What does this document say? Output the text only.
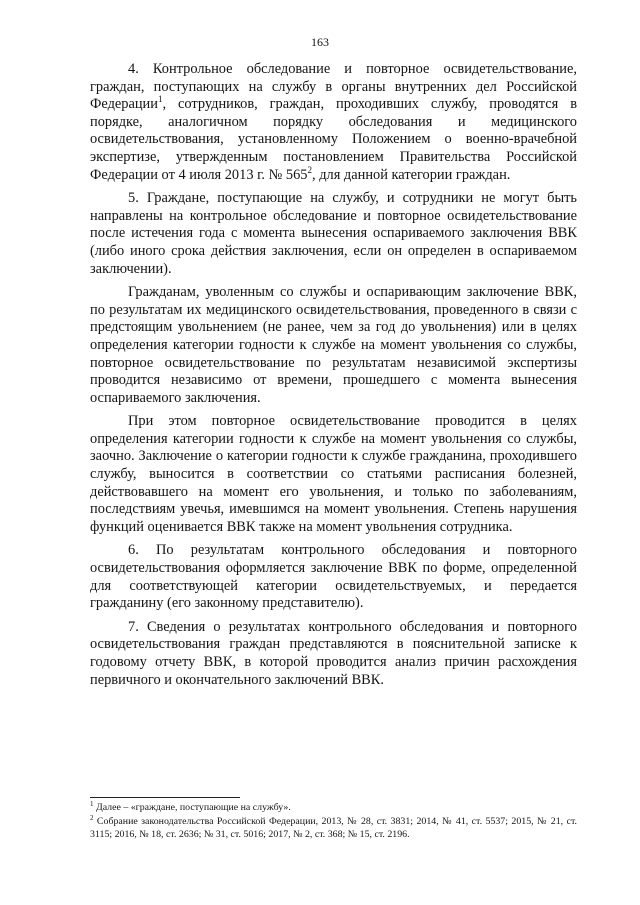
163

4. Контрольное обследование и повторное освидетельствование, граждан, поступающих на службу в органы внутренних дел Российской Федерации$^1$, сотрудников, граждан, проходивших службу, проводятся в порядке, аналогичном порядку обследования и медицинского освидетельствования, установленному Положением о военно-врачебной экспертизе, утвержденным постановлением Правительства Российской Федерации от 4 июля 2013 г. № $565^2$, для данной категории граждан.

5. Граждане, поступающие на службу, и сотрудники не могут быть направлены на контрольное обследование и повторное освидетельствование после истечения года с момента вынесения оспариваемого заключения ВВК (либо иного срока действия заключения, если он определен в оспариваемом заключении).

Гражданам, уволенным со службы и оспаривающим заключение ВВК, по результатам их медицинского освидетельствования, проведенного в связи с предстоящим увольнением (не ранее, чем за год до увольнения) или в целях определения категории годности к службе на момент увольнения со службы, повторное освидетельствование по результатам независимой экспертизы проводится независимо от времени, прошедшего с момента вынесения оспариваемого заключения.

При этом повторное освидетельствование проводится в целях определения категории годности к службе на момент увольнения со службы, заочно. Заключение о категории годности к службе гражданина, проходившего службу, выносится в соответствии со статьями расписания болезней, действовавшего на момент его увольнения, и только по заболеваниям, последствиям увечья, имевшимся на момент увольнения. Степень нарушения функций оценивается ВВК также на момент увольнения сотрудника.

6. По результатам контрольного обследования и повторного освидетельствования оформляется заключение ВВК по форме, определенной для соответствующей категории освидетельствуемых, и передается гражданину (его законному представителю).

7. Сведения о результатах контрольного обследования и повторного освидетельствования граждан представляются в пояснительной записке к годовому отчету ВВК, в которой проводится анализ причин расхождения первичного и окончательного заключений ВВК.

$^1$ Далее – «граждане, поступающие на службу».

$^2$ Собрание законодательства Российской Федерации, 2013, № 28, ст. 3831; 2014, № 41, ст. 5537; 2015, № 21, ст. 3115; 2016, № 18, ст. 2636; № 31, ст. 5016; 2017, № 2, ст. 368; № 15, ст. 2196.
